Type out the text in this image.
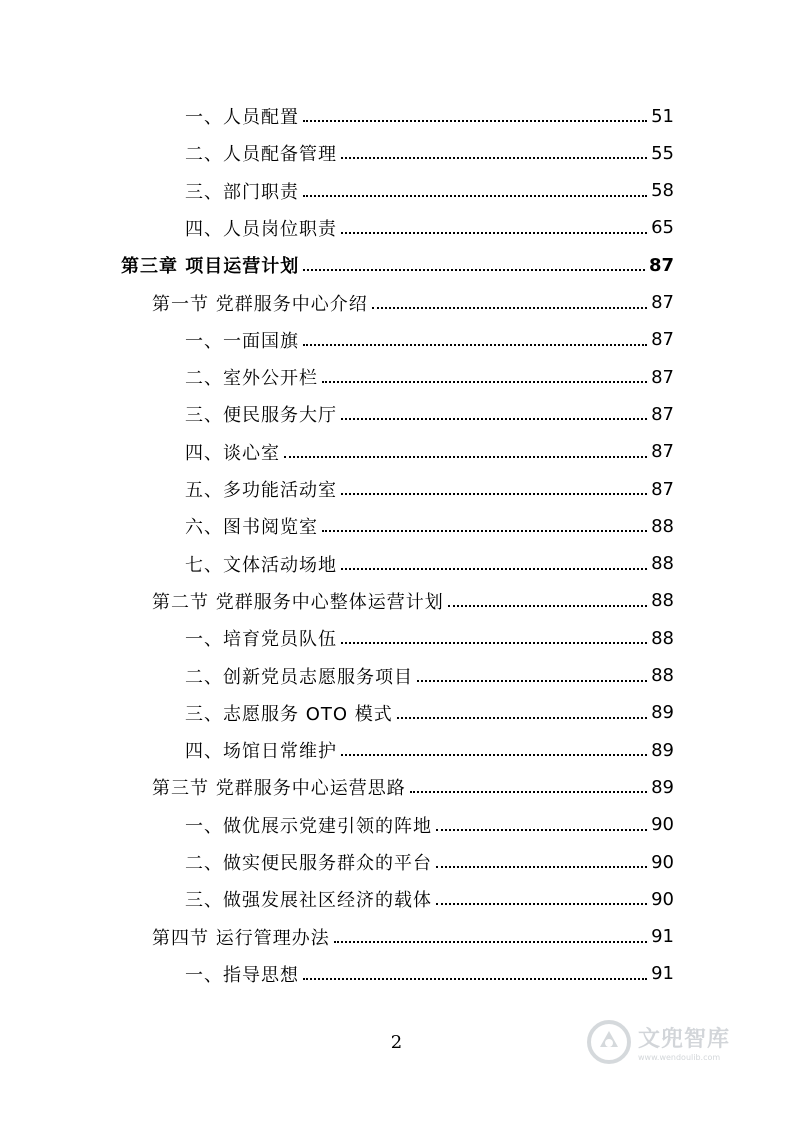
一、人员配置	51
二、人员配备管理	55
三、部门职责	58
四、人员岗位职责	65
第三章 项目运营计划	87
第一节 党群服务中心介绍	87
一、一面国旗	87
二、室外公开栏	87
三、便民服务大厅	87
四、谈心室	87
五、多功能活动室	87
六、图书阅览室	88
七、文体活动场地	88
第二节 党群服务中心整体运营计划	88
一、培育党员队伍	88
二、创新党员志愿服务项目	88
三、志愿服务 OTO 模式	89
四、场馆日常维护	89
第三节 党群服务中心运营思路	89
一、做优展示党建引领的阵地	90
二、做实便民服务群众的平台	90
三、做强发展社区经济的载体	90
第四节 运行管理办法	91
一、指导思想	91
2	文兜智库
www.wendoulib.com
